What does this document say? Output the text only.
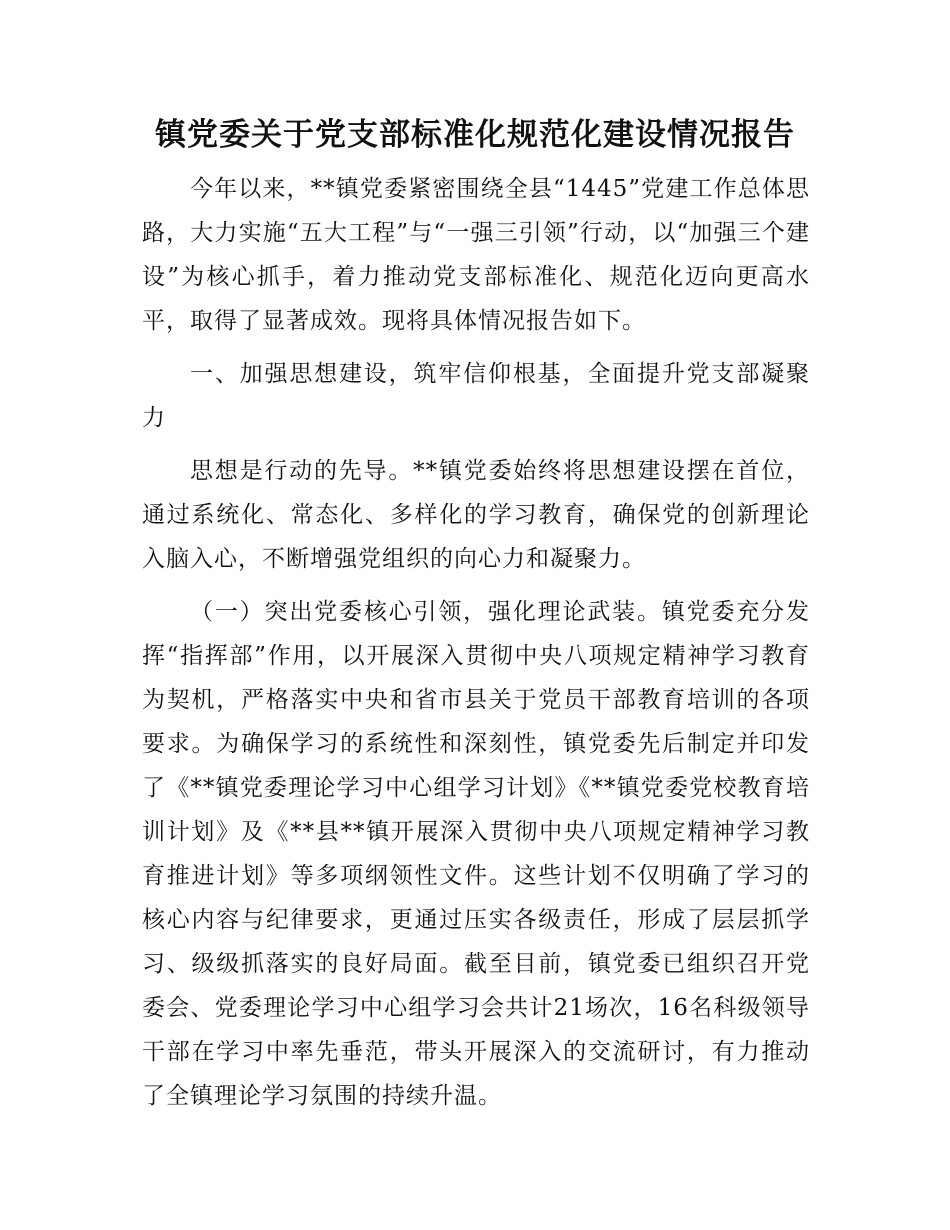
镇党委关于党支部标准化规范化建设情况报告

今年以来，**镇党委紧密围绕全县“1445”党建工作总体思路，大力实施“五大工程”与“一强三引领”行动，以“加强三个建设”为核心抓手，着力推动党支部标准化、规范化迈向更高水平，取得了显著成效。现将具体情况报告如下。

一、加强思想建设，筑牢信仰根基，全面提升党支部凝聚力

思想是行动的先导。**镇党委始终将思想建设摆在首位，通过系统化、常态化、多样化的学习教育，确保党的创新理论入脑入心，不断增强党组织的向心力和凝聚力。

（一）突出党委核心引领，强化理论武装。镇党委充分发挥“指挥部”作用，以开展深入贯彻中央八项规定精神学习教育为契机，严格落实中央和省市县关于党员干部教育培训的各项要求。为确保学习的系统性和深刻性，镇党委先后制定并印发了《**镇党委理论学习中心组学习计划》《**镇党委党校教育培训计划》及《**县**镇开展深入贯彻中央八项规定精神学习教育推进计划》等多项纲领性文件。这些计划不仅明确了学习的核心内容与纪律要求，更通过压实各级责任，形成了层层抓学习、级级抓落实的良好局面。截至目前，镇党委已组织召开党委会、党委理论学习中心组学习会共计21场次，16名科级领导干部在学习中率先垂范，带头开展深入的交流研讨，有力推动了全镇理论学习氛围的持续升温。
